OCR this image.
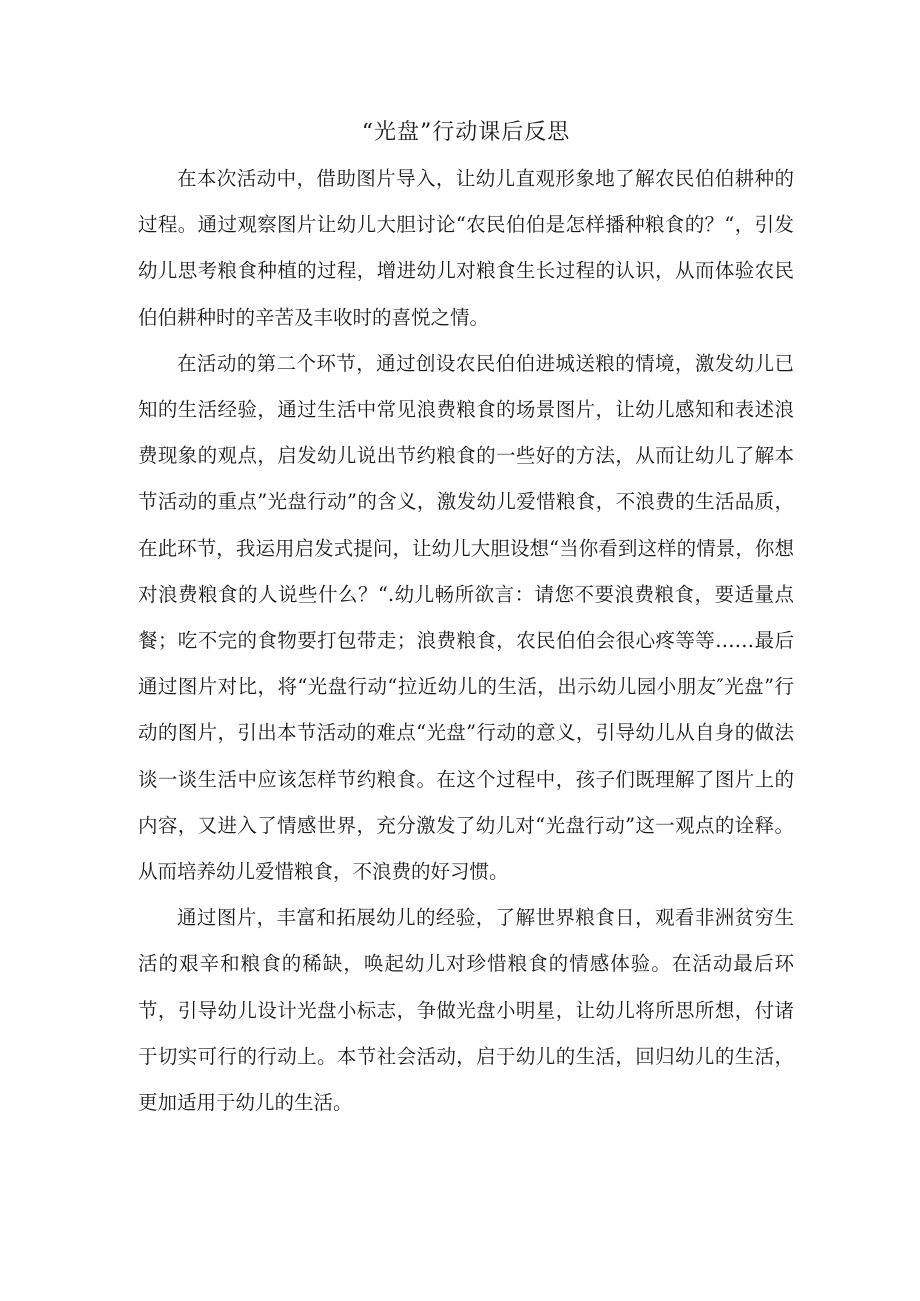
“光盘”行动课后反思

在本次活动中，借助图片导入，让幼儿直观形象地了解农民伯伯耕种的过程。通过观察图片让幼儿大胆讨论“农民伯伯是怎样播种粮食的？“，引发幼儿思考粮食种植的过程，增进幼儿对粮食生长过程的认识，从而体验农民伯伯耕种时的辛苦及丰收时的喜悦之情。

在活动的第二个环节，通过创设农民伯伯进城送粮的情境，激发幼儿已知的生活经验，通过生活中常见浪费粮食的场景图片，让幼儿感知和表述浪费现象的观点，启发幼儿说出节约粮食的一些好的方法，从而让幼儿了解本节活动的重点”光盘行动”的含义，激发幼儿爱惜粮食，不浪费的生活品质，在此环节，我运用启发式提问，让幼儿大胆设想“当你看到这样的情景，你想对浪费粮食的人说些什么？“.幼儿畅所欲言：请您不要浪费粮食，要适量点餐；吃不完的食物要打包带走；浪费粮食，农民伯伯会很心疼等等……最后通过图片对比，将“光盘行动“拉近幼儿的生活，出示幼儿园小朋友″光盘”行动的图片，引出本节活动的难点“光盘”行动的意义，引导幼儿从自身的做法谈一谈生活中应该怎样节约粮食。在这个过程中，孩子们既理解了图片上的内容，又进入了情感世界，充分激发了幼儿对“光盘行动”这一观点的诠释。从而培养幼儿爱惜粮食，不浪费的好习惯。

通过图片，丰富和拓展幼儿的经验，了解世界粮食日，观看非洲贫穷生活的艰辛和粮食的稀缺，唤起幼儿对珍惜粮食的情感体验。在活动最后环节，引导幼儿设计光盘小标志，争做光盘小明星，让幼儿将所思所想，付诸于切实可行的行动上。本节社会活动，启于幼儿的生活，回归幼儿的生活，更加适用于幼儿的生活。
